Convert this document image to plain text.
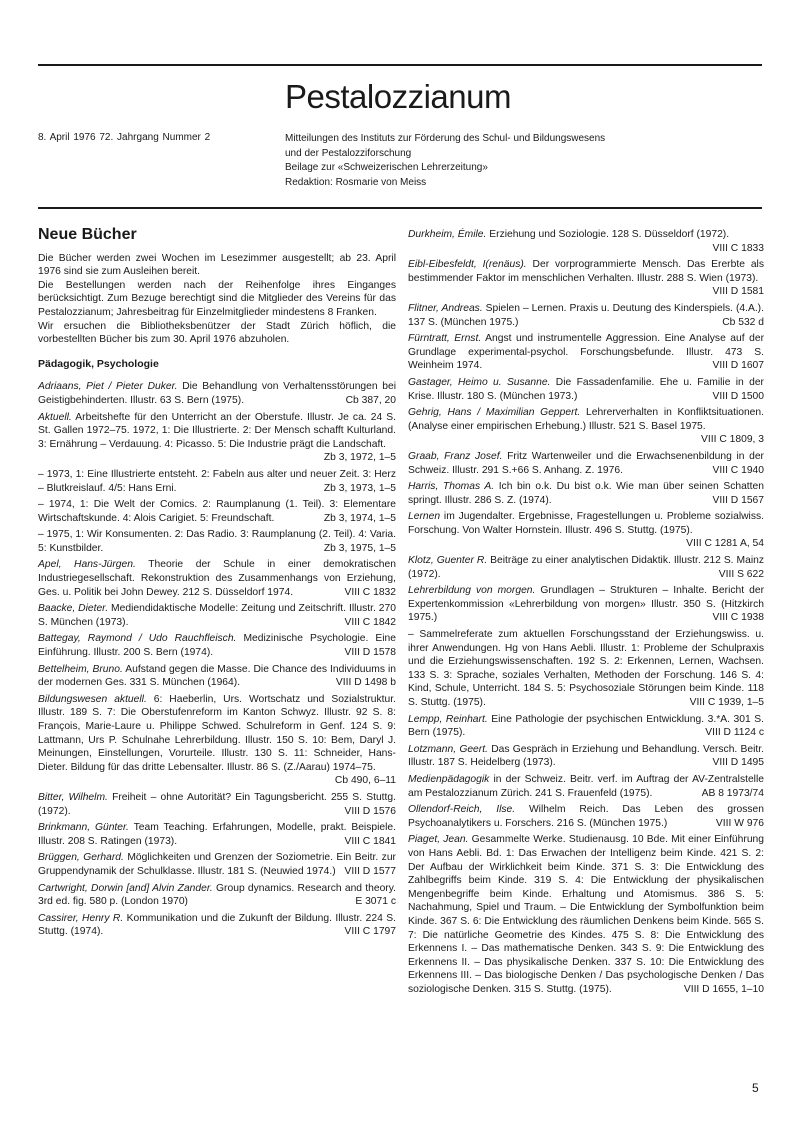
Pestalozzianum
8. April 1976 72. Jahrgang Nummer 2	Mitteilungen des Instituts zur Förderung des Schul- und Bildungswesens
und der Pestalozziforschung
Beilage zur «Schweizerischen Lehrerzeitung»
Redaktion: Rosmarie von Meiss
Neue Bücher

Die Bücher werden zwei Wochen im Lesezimmer ausgestellt; ab 23. April 1976 sind sie zum Ausleihen bereit.

Die Bestellungen werden nach der Reihenfolge ihres Einganges berücksichtigt. Zum Bezuge berechtigt sind die Mitglieder des Vereins für das Pestalozzianum; Jahresbeitrag für Einzelmitglieder mindestens 8 Franken.

Wir ersuchen die Bibliotheksbenützer der Stadt Zürich höflich, die vorbestellten Bücher bis zum 30. April 1976 abzuholen.

Pädagogik, Psychologie

Adriaans, Piet / Pieter Duker. Die Behandlung von Verhaltensstörungen bei Geistigbehinderten. Illustr. 63 S. Bern (1975).	Cb 387, 20

Aktuell. Arbeitshefte für den Unterricht an der Oberstufe. Illustr. Je ca. 24 S. St. Gallen 1972–75. 1972, 1: Die Illustrierte. 2: Der Mensch schafft Kulturland. 3: Ernährung – Verdauung. 4: Picasso. 5: Die Industrie prägt die Landschaft.
Zb 3, 1972, 1–5

– 1973, 1: Eine Illustrierte entsteht. 2: Fabeln aus alter und neuer Zeit. 3: Herz – Blutkreislauf. 4/5: Hans Erni.	Zb 3, 1973, 1–5

– 1974, 1: Die Welt der Comics. 2: Raumplanung (1. Teil). 3: Elementare Wirtschaftskunde. 4: Alois Carigiet. 5: Freundschaft.	Zb 3, 1974, 1–5

– 1975, 1: Wir Konsumenten. 2: Das Radio. 3: Raumplanung (2. Teil). 4: Varia. 5: Kunstbilder.	Zb 3, 1975, 1–5

Apel, Hans-Jürgen. Theorie der Schule in einer demokratischen Industriegesellschaft. Rekonstruktion des Zusammenhangs von Erziehung, Ges. u. Politik bei John Dewey. 212 S. Düsseldorf 1974.	VIII C 1832

Baacke, Dieter. Mediendidaktische Modelle: Zeitung und Zeitschrift. Illustr. 270 S. München (1973).	VIII C 1842

Battegay, Raymond / Udo Rauchfleisch. Medizinische Psychologie. Eine Einführung. Illustr. 200 S. Bern (1974).	VIII D 1578

Bettelheim, Bruno. Aufstand gegen die Masse. Die Chance des Individuums in der modernen Ges. 331 S. München (1964).	VIII D 1498 b

Bildungswesen aktuell. 6: Haeberlin, Urs. Wortschatz und Sozialstruktur. Illustr. 189 S. 7: Die Oberstufenreform im Kanton Schwyz. Illustr. 92 S. 8: François, Marie-Laure u. Philippe Schwed. Schulreform in Genf. 124 S. 9: Lattmann, Urs P. Schulnahe Lehrerbildung. Illustr. 150 S. 10: Bem, Daryl J. Meinungen, Einstellungen, Vorurteile. Illustr. 130 S. 11: Schneider, Hans-Dieter. Bildung für das dritte Lebensalter. Illustr. 86 S. (Z./Aarau) 1974–75.
Cb 490, 6–11

Bitter, Wilhelm. Freiheit – ohne Autorität? Ein Tagungsbericht. 255 S. Stuttg. (1972).	VIII D 1576

Brinkmann, Günter. Team Teaching. Erfahrungen, Modelle, prakt. Beispiele. Illustr. 208 S. Ratingen (1973).	VIII C 1841

Brüggen, Gerhard. Möglichkeiten und Grenzen der Soziometrie. Ein Beitr. zur Gruppendynamik der Schulklasse. Illustr. 181 S. (Neuwied 1974.) VIII D 1577

Cartwright, Dorwin [and] Alvin Zander. Group dynamics. Research and theory. 3rd ed. fig. 580 p. (London 1970)	E 3071 c

Cassirer, Henry R. Kommunikation und die Zukunft der Bildung. Illustr. 224 S. Stuttg. (1974).	VIII C 1797

Durkheim, Émile. Erziehung und Soziologie. 128 S. Düsseldorf (1972).
VIII C 1833

Eibl-Eibesfeldt, I(renäus). Der vorprogrammierte Mensch. Das Ererbte als bestimmender Faktor im menschlichen Verhalten. Illustr. 288 S. Wien (1973).
VIII D 1581

Flitner, Andreas. Spielen – Lernen. Praxis u. Deutung des Kinderspiels. (4.A.). 137 S. (München 1975.)	Cb 532 d

Fürntratt, Ernst. Angst und instrumentelle Aggression. Eine Analyse auf der Grundlage experimental-psychol. Forschungsbefunde. Illustr. 473 S. Weinheim 1974.	VIII D 1607

Gastager, Heimo u. Susanne. Die Fassadenfamilie. Ehe u. Familie in der Krise. Illustr. 180 S. (München 1973.)	VIII D 1500

Gehrig, Hans / Maximilian Geppert. Lehrerverhalten in Konfliktsituationen. (Analyse einer empirischen Erhebung.) Illustr. 521 S. Basel 1975.
VIII C 1809, 3

Graab, Franz Josef. Fritz Wartenweiler und die Erwachsenenbildung in der Schweiz. Illustr. 291 S.+66 S. Anhang. Z. 1976.	VIII C 1940

Harris, Thomas A. Ich bin o.k. Du bist o.k. Wie man über seinen Schatten springt. Illustr. 286 S. Z. (1974).	VIII D 1567

Lernen im Jugendalter. Ergebnisse, Fragestellungen u. Probleme sozialwiss. Forschung. Von Walter Hornstein. Illustr. 496 S. Stuttg. (1975).
VIII C 1281 A, 54

Klotz, Guenter R. Beiträge zu einer analytischen Didaktik. Illustr. 212 S. Mainz (1972).	VIII S 622

Lehrerbildung von morgen. Grundlagen – Strukturen – Inhalte. Bericht der Expertenkommission «Lehrerbildung von morgen» Illustr. 350 S. (Hitzkirch 1975.)	VIII C 1938

– Sammelreferate zum aktuellen Forschungsstand der Erziehungswiss. u. ihrer Anwendungen. Hg von Hans Aebli. Illustr. 1: Probleme der Schulpraxis und die Erziehungswissenschaften. 192 S. 2: Erkennen, Lernen, Wachsen. 133 S. 3: Sprache, soziales Verhalten, Methoden der Forschung. 146 S. 4: Kind, Schule, Unterricht. 184 S. 5: Psychosoziale Störungen beim Kinde. 118 S. Stuttg. (1975).	VIII C 1939, 1–5

Lempp, Reinhart. Eine Pathologie der psychischen Entwicklung. 3.*A. 301 S. Bern (1975).	VIII D 1124 c

Lotzmann, Geert. Das Gespräch in Erziehung und Behandlung. Versch. Beitr. Illustr. 187 S. Heidelberg (1973).	VIII D 1495

Medienpädagogik in der Schweiz. Beitr. verf. im Auftrag der AV-Zentralstelle am Pestalozzianum Zürich. 241 S. Frauenfeld (1975).	AB 8 1973/74

Ollendorf-Reich, Ilse. Wilhelm Reich. Das Leben des grossen Psychoanalytikers u. Forschers. 216 S. (München 1975.)	VIII W 976

Piaget, Jean. Gesammelte Werke. Studienausg. 10 Bde. Mit einer Einführung von Hans Aebli. Bd. 1: Das Erwachen der Intelligenz beim Kinde. 421 S. 2: Der Aufbau der Wirklichkeit beim Kinde. 371 S. 3: Die Entwicklung des Zahlbegriffs beim Kinde. 319 S. 4: Die Entwicklung der physikalischen Mengenbegriffe beim Kinde. Erhaltung und Atomismus. 386 S. 5: Nachahmung, Spiel und Traum. – Die Entwicklung der Symbolfunktion beim Kinde. 367 S. 6: Die Entwicklung des räumlichen Denkens beim Kinde. 565 S. 7: Die natürliche Geometrie des Kindes. 475 S. 8: Die Entwicklung des Erkennens I. – Das mathematische Denken. 343 S. 9: Die Entwicklung des Erkennens II. – Das physikalische Denken. 337 S. 10: Die Entwicklung des Erkennens III. – Das biologische Denken / Das psychologische Denken / Das soziologische Denken. 315 S. Stuttg. (1975).	VIII D 1655, 1–10

5
